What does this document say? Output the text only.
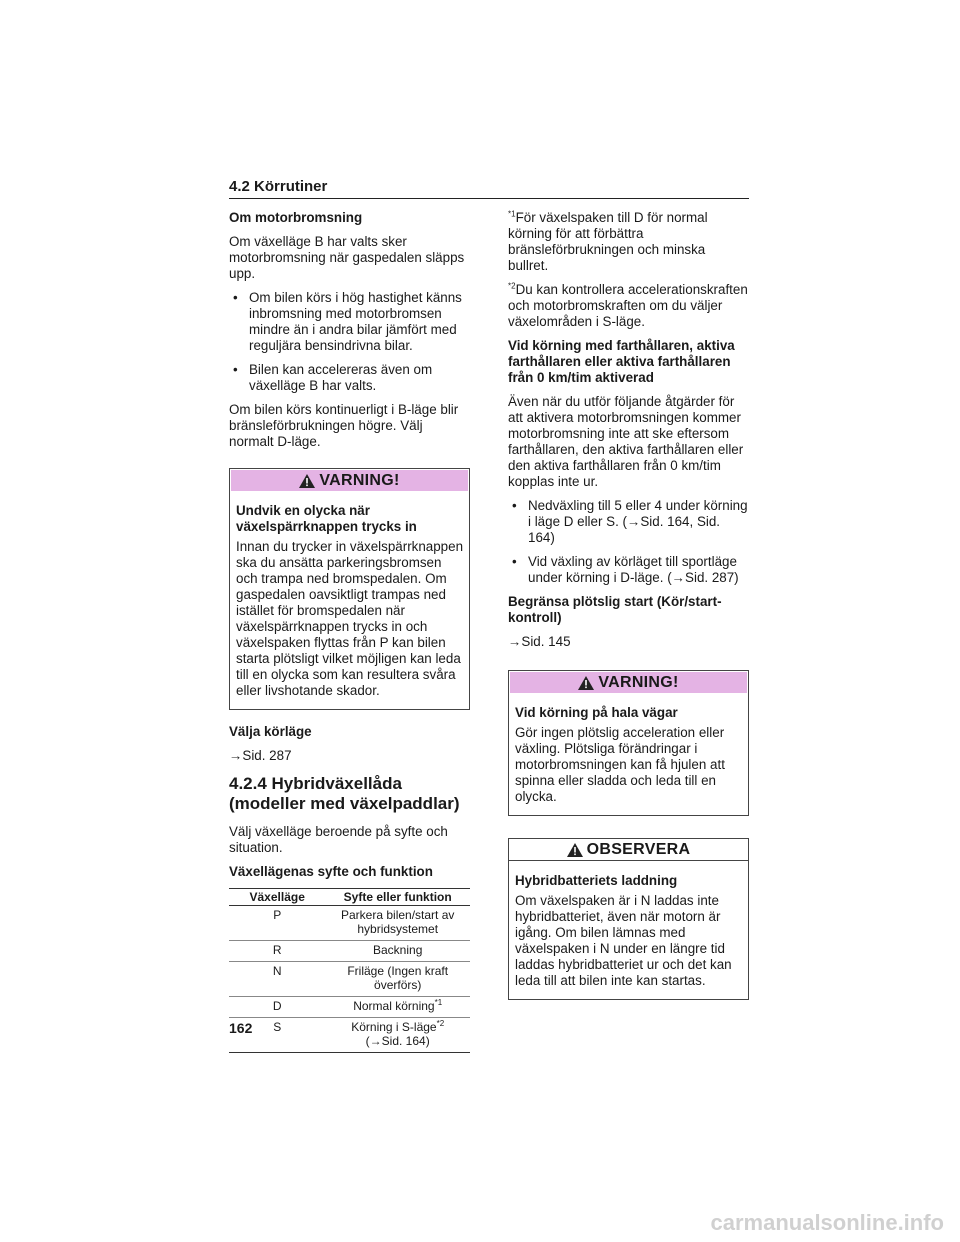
4.2 Körrutiner

Om motorbromsning

Om växelläge B har valts sker motorbromsning när gaspedalen släpps upp.

• Om bilen körs i hög hastighet känns inbromsning med motorbromsen mindre än i andra bilar jämfört med reguljära bensindrivna bilar.
• Bilen kan accelereras även om växelläge B har valts.

Om bilen körs kontinuerligt i B-läge blir bränsleförbrukningen högre. Välj normalt D-läge.

VARNING!

Undvik en olycka när växelspärrknappen trycks in

Innan du trycker in växelspärrknappen ska du ansätta parkeringsbromsen och trampa ned bromspedalen. Om gaspedalen oavsiktligt trampas ned istället för bromspedalen när växelspärrknappen trycks in och växelspaken flyttas från P kan bilen starta plötsligt vilket möjligen kan leda till en olycka som kan resultera svåra eller livshotande skador.

Välja körläge

→Sid. 287

4.2.4 Hybridväxellåda (modeller med växelpaddlar)

Välj växelläge beroende på syfte och situation.

Växellägenas syfte och funktion

Växelläge	Syfte eller funktion
P	Parkera bilen/start av hybridsystemet
R	Backning
N	Friläge (Ingen kraft överförs)
D	Normal körning$^{*1}$
S	Körning i S-läge$^{*2}$
(→Sid. 164)

$^{*1}$För växelspaken till D för normal körning för att förbättra bränsleförbrukningen och minska bullret.

$^{*2}$Du kan kontrollera accelerationskraften och motorbromskraften om du väljer växelområden i S-läge.

Vid körning med farthållaren, aktiva farthållaren eller aktiva farthållaren från 0 km/tim aktiverad

Även när du utför följande åtgärder för att aktivera motorbromsningen kommer motorbromsning inte att ske eftersom farthållaren, den aktiva farthållaren eller den aktiva farthållaren från 0 km/tim kopplas inte ur.

• Nedväxling till 5 eller 4 under körning i läge D eller S. (→Sid. 164, Sid. 164)
• Vid växling av körläget till sportläge under körning i D-läge. (→Sid. 287)

Begränsa plötslig start (Kör/start-kontroll)

→Sid. 145

VARNING!

Vid körning på hala vägar

Gör ingen plötslig acceleration eller växling. Plötsliga förändringar i motorbromsningen kan få hjulen att spinna eller sladda och leda till en olycka.

OBSERVERA

Hybridbatteriets laddning

Om växelspaken är i N laddas inte hybridbatteriet, även när motorn är igång. Om bilen lämnas med växelspaken i N under en längre tid laddas hybridbatteriet ur och det kan leda till att bilen inte kan startas.

162
carmanualsonline.info
